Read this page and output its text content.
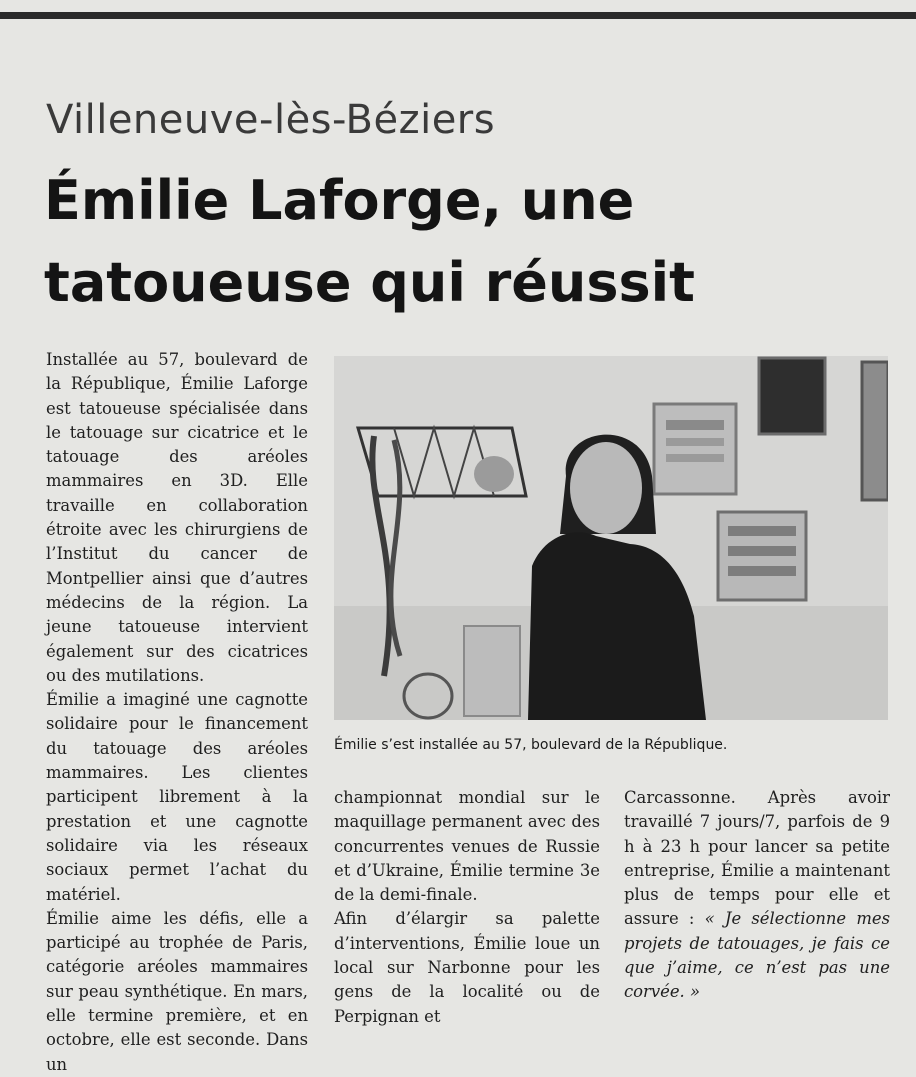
Villeneuve-lès-Béziers
Émilie Laforge, une tatoueuse qui réussit

Installée au 57, boulevard de la République, Émilie Laforge est tatoueuse spécialisée dans le tatouage sur cicatrice et le tatouage des aréoles mammaires en 3D. Elle travaille en collaboration étroite avec les chirurgiens de l’Institut du cancer de Montpellier ainsi que d’autres médecins de la région. La jeune tatoueuse intervient également sur des cicatrices ou des mutilations.

Émilie a imaginé une cagnotte solidaire pour le financement du tatouage des aréoles mammaires. Les clientes participent librement à la prestation et une cagnotte solidaire via les réseaux sociaux permet l’achat du matériel.

Émilie aime les défis, elle a participé au trophée de Paris, catégorie aréoles mammaires sur peau synthétique. En mars, elle termine première, et en octobre, elle est seconde. Dans un

Émilie s’est installée au 57, boulevard de la République.

championnat mondial sur le maquillage permanent avec des concurrentes venues de Russie et d’Ukraine, Émilie termine 3e de la demi-finale.

Afin d’élargir sa palette d’interventions, Émilie loue un local sur Narbonne pour les gens de la localité ou de Perpignan et

Carcassonne. Après avoir travaillé 7 jours/7, parfois de 9 h à 23 h pour lancer sa petite entreprise, Émilie a maintenant plus de temps pour elle et assure : « Je sélectionne mes projets de tatouages, je fais ce que j’aime, ce n’est pas une corvée. »
